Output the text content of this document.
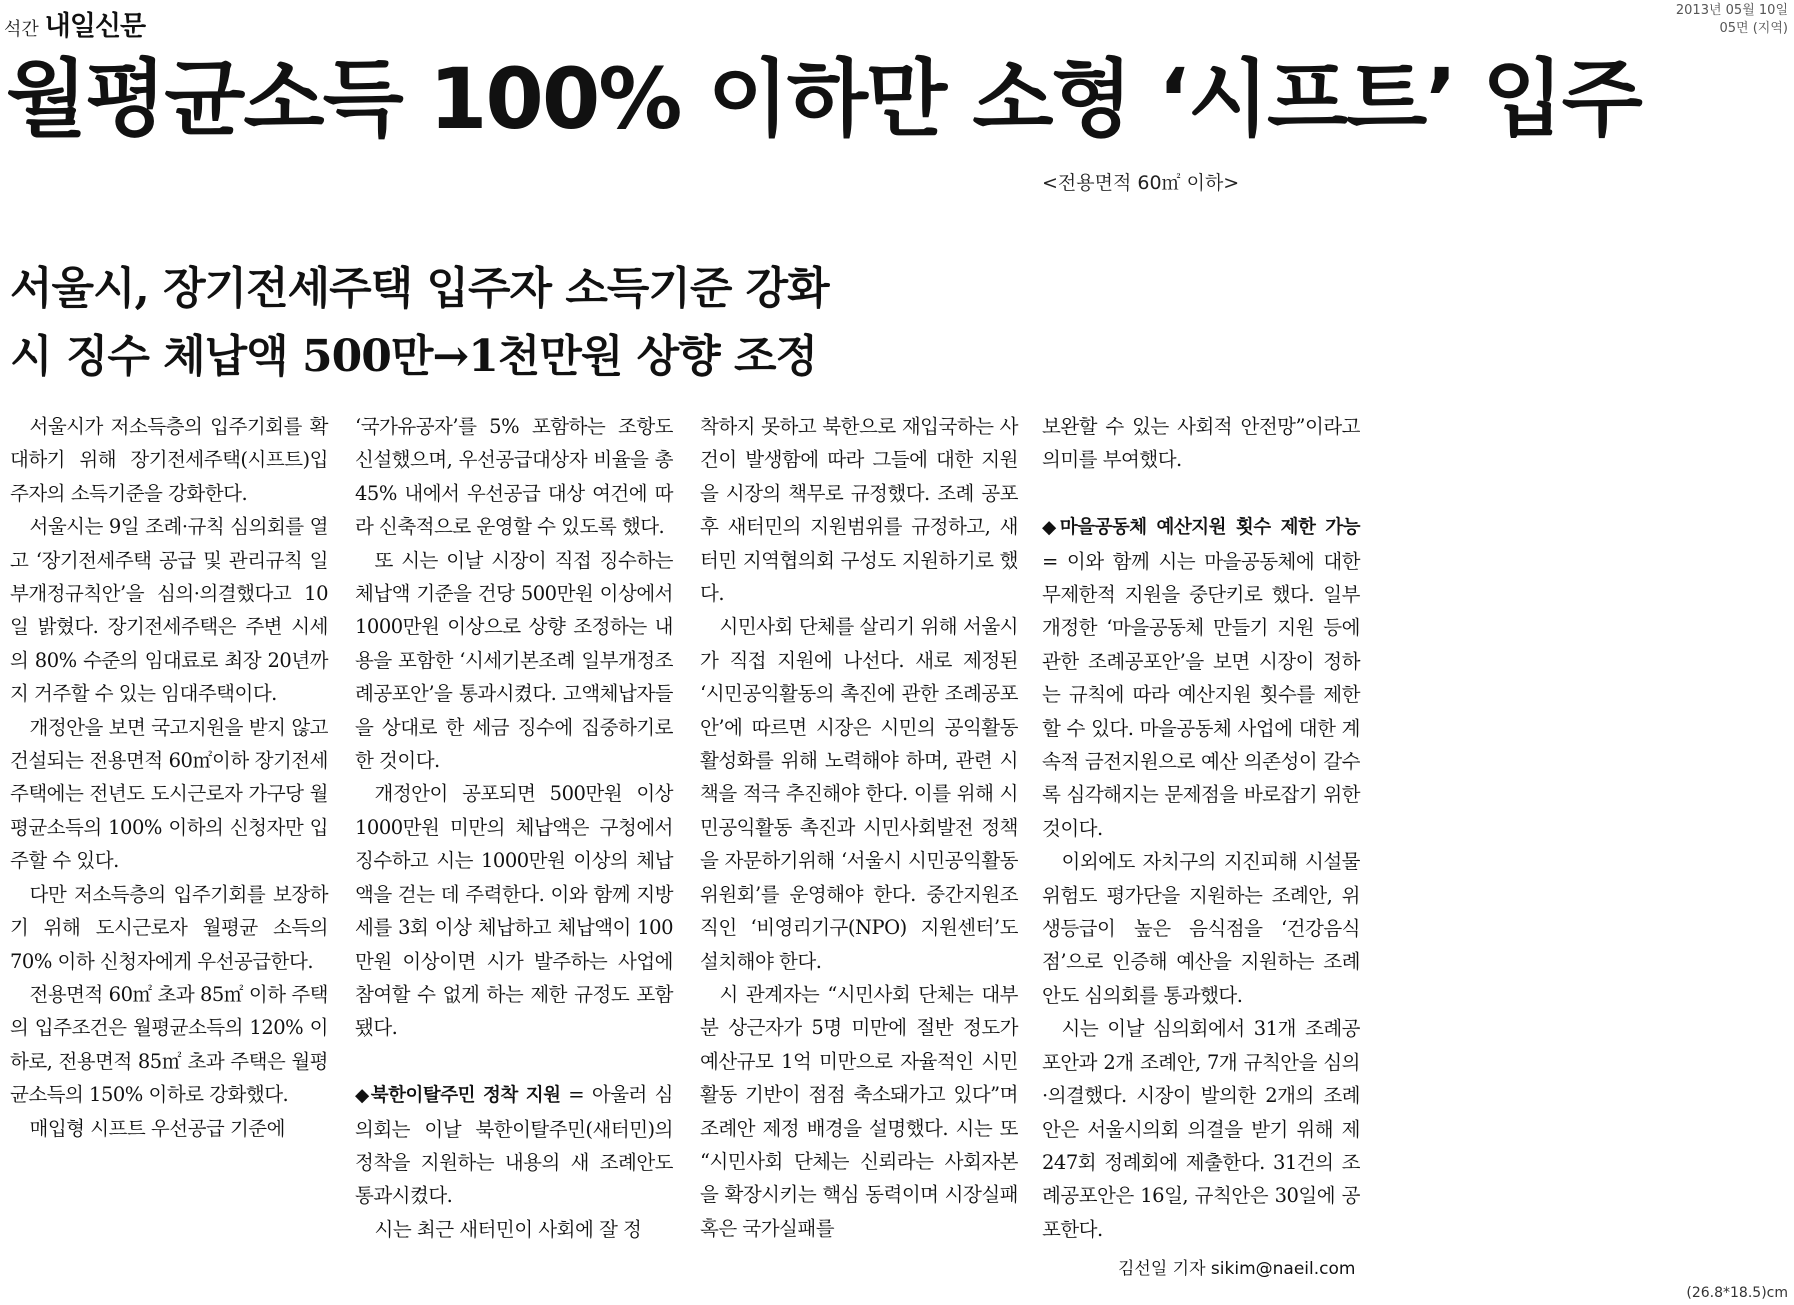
석간 내일신문
2013년 05월 10일
05면 (지역)
월평균소득 100% 이하만 소형 ‘시프트’ 입주
<전용면적 60㎡ 이하>
서울시, 장기전세주택 입주자 소득기준 강화
시 징수 체납액 500만→1천만원 상향 조정

서울시가 저소득층의 입주기회를 확대하기 위해 장기전세주택(시프트)입주자의 소득기준을 강화한다.

서울시는 9일 조례·규칙 심의회를 열고 ‘장기전세주택 공급 및 관리규칙 일부개정규칙안’을 심의·의결했다고 10일 밝혔다. 장기전세주택은 주변 시세의 80% 수준의 임대료로 최장 20년까지 거주할 수 있는 임대주택이다.

개정안을 보면 국고지원을 받지 않고 건설되는 전용면적 60㎡이하 장기전세주택에는 전년도 도시근로자 가구당 월평균소득의 100% 이하의 신청자만 입주할 수 있다.

다만 저소득층의 입주기회를 보장하기 위해 도시근로자 월평균 소득의 70% 이하 신청자에게 우선공급한다.

전용면적 60㎡ 초과 85㎡ 이하 주택의 입주조건은 월평균소득의 120% 이하로, 전용면적 85㎡ 초과 주택은 월평균소득의 150% 이하로 강화했다.

매입형 시프트 우선공급 기준에

‘국가유공자’를 5% 포함하는 조항도 신설했으며, 우선공급대상자 비율을 총 45% 내에서 우선공급 대상 여건에 따라 신축적으로 운영할 수 있도록 했다.

또 시는 이날 시장이 직접 징수하는 체납액 기준을 건당 500만원 이상에서 1000만원 이상으로 상향 조정하는 내용을 포함한 ‘시세기본조례 일부개정조례공포안’을 통과시켰다. 고액체납자들을 상대로 한 세금 징수에 집중하기로 한 것이다.

개정안이 공포되면 500만원 이상 1000만원 미만의 체납액은 구청에서 징수하고 시는 1000만원 이상의 체납액을 걷는 데 주력한다. 이와 함께 지방세를 3회 이상 체납하고 체납액이 100만원 이상이면 시가 발주하는 사업에 참여할 수 없게 하는 제한 규정도 포함됐다.

◆북한이탈주민 정착 지원 = 아울러 심의회는 이날 북한이탈주민(새터민)의 정착을 지원하는 내용의 새 조례안도 통과시켰다.

시는 최근 새터민이 사회에 잘 정

착하지 못하고 북한으로 재입국하는 사건이 발생함에 따라 그들에 대한 지원을 시장의 책무로 규정했다. 조례 공포 후 새터민의 지원범위를 규정하고, 새터민 지역협의회 구성도 지원하기로 했다.

시민사회 단체를 살리기 위해 서울시가 직접 지원에 나선다. 새로 제정된 ‘시민공익활동의 촉진에 관한 조례공포안’에 따르면 시장은 시민의 공익활동 활성화를 위해 노력해야 하며, 관련 시책을 적극 추진해야 한다. 이를 위해 시민공익활동 촉진과 시민사회발전 정책을 자문하기위해 ‘서울시 시민공익활동위원회’를 운영해야 한다. 중간지원조직인 ‘비영리기구(NPO) 지원센터’도 설치해야 한다.

시 관계자는 “시민사회 단체는 대부분 상근자가 5명 미만에 절반 정도가 예산규모 1억 미만으로 자율적인 시민활동 기반이 점점 축소돼가고 있다”며 조례안 제정 배경을 설명했다. 시는 또 “시민사회 단체는 신뢰라는 사회자본을 확장시키는 핵심 동력이며 시장실패 혹은 국가실패를

보완할 수 있는 사회적 안전망”이라고 의미를 부여했다.

◆마을공동체 예산지원 횟수 제한 가능 = 이와 함께 시는 마을공동체에 대한 무제한적 지원을 중단키로 했다. 일부 개정한 ‘마을공동체 만들기 지원 등에 관한 조례공포안’을 보면 시장이 정하는 규칙에 따라 예산지원 횟수를 제한할 수 있다. 마을공동체 사업에 대한 계속적 금전지원으로 예산 의존성이 갈수록 심각해지는 문제점을 바로잡기 위한 것이다.

이외에도 자치구의 지진피해 시설물 위험도 평가단을 지원하는 조례안, 위생등급이 높은 음식점을 ‘건강음식점’으로 인증해 예산을 지원하는 조례안도 심의회를 통과했다.

시는 이날 심의회에서 31개 조례공포안과 2개 조례안, 7개 규칙안을 심의·의결했다. 시장이 발의한 2개의 조례안은 서울시의회 의결을 받기 위해 제247회 정례회에 제출한다. 31건의 조례공포안은 16일, 규칙안은 30일에 공포한다.

김선일 기자 sikim@naeil.com
(26.8*18.5)cm
